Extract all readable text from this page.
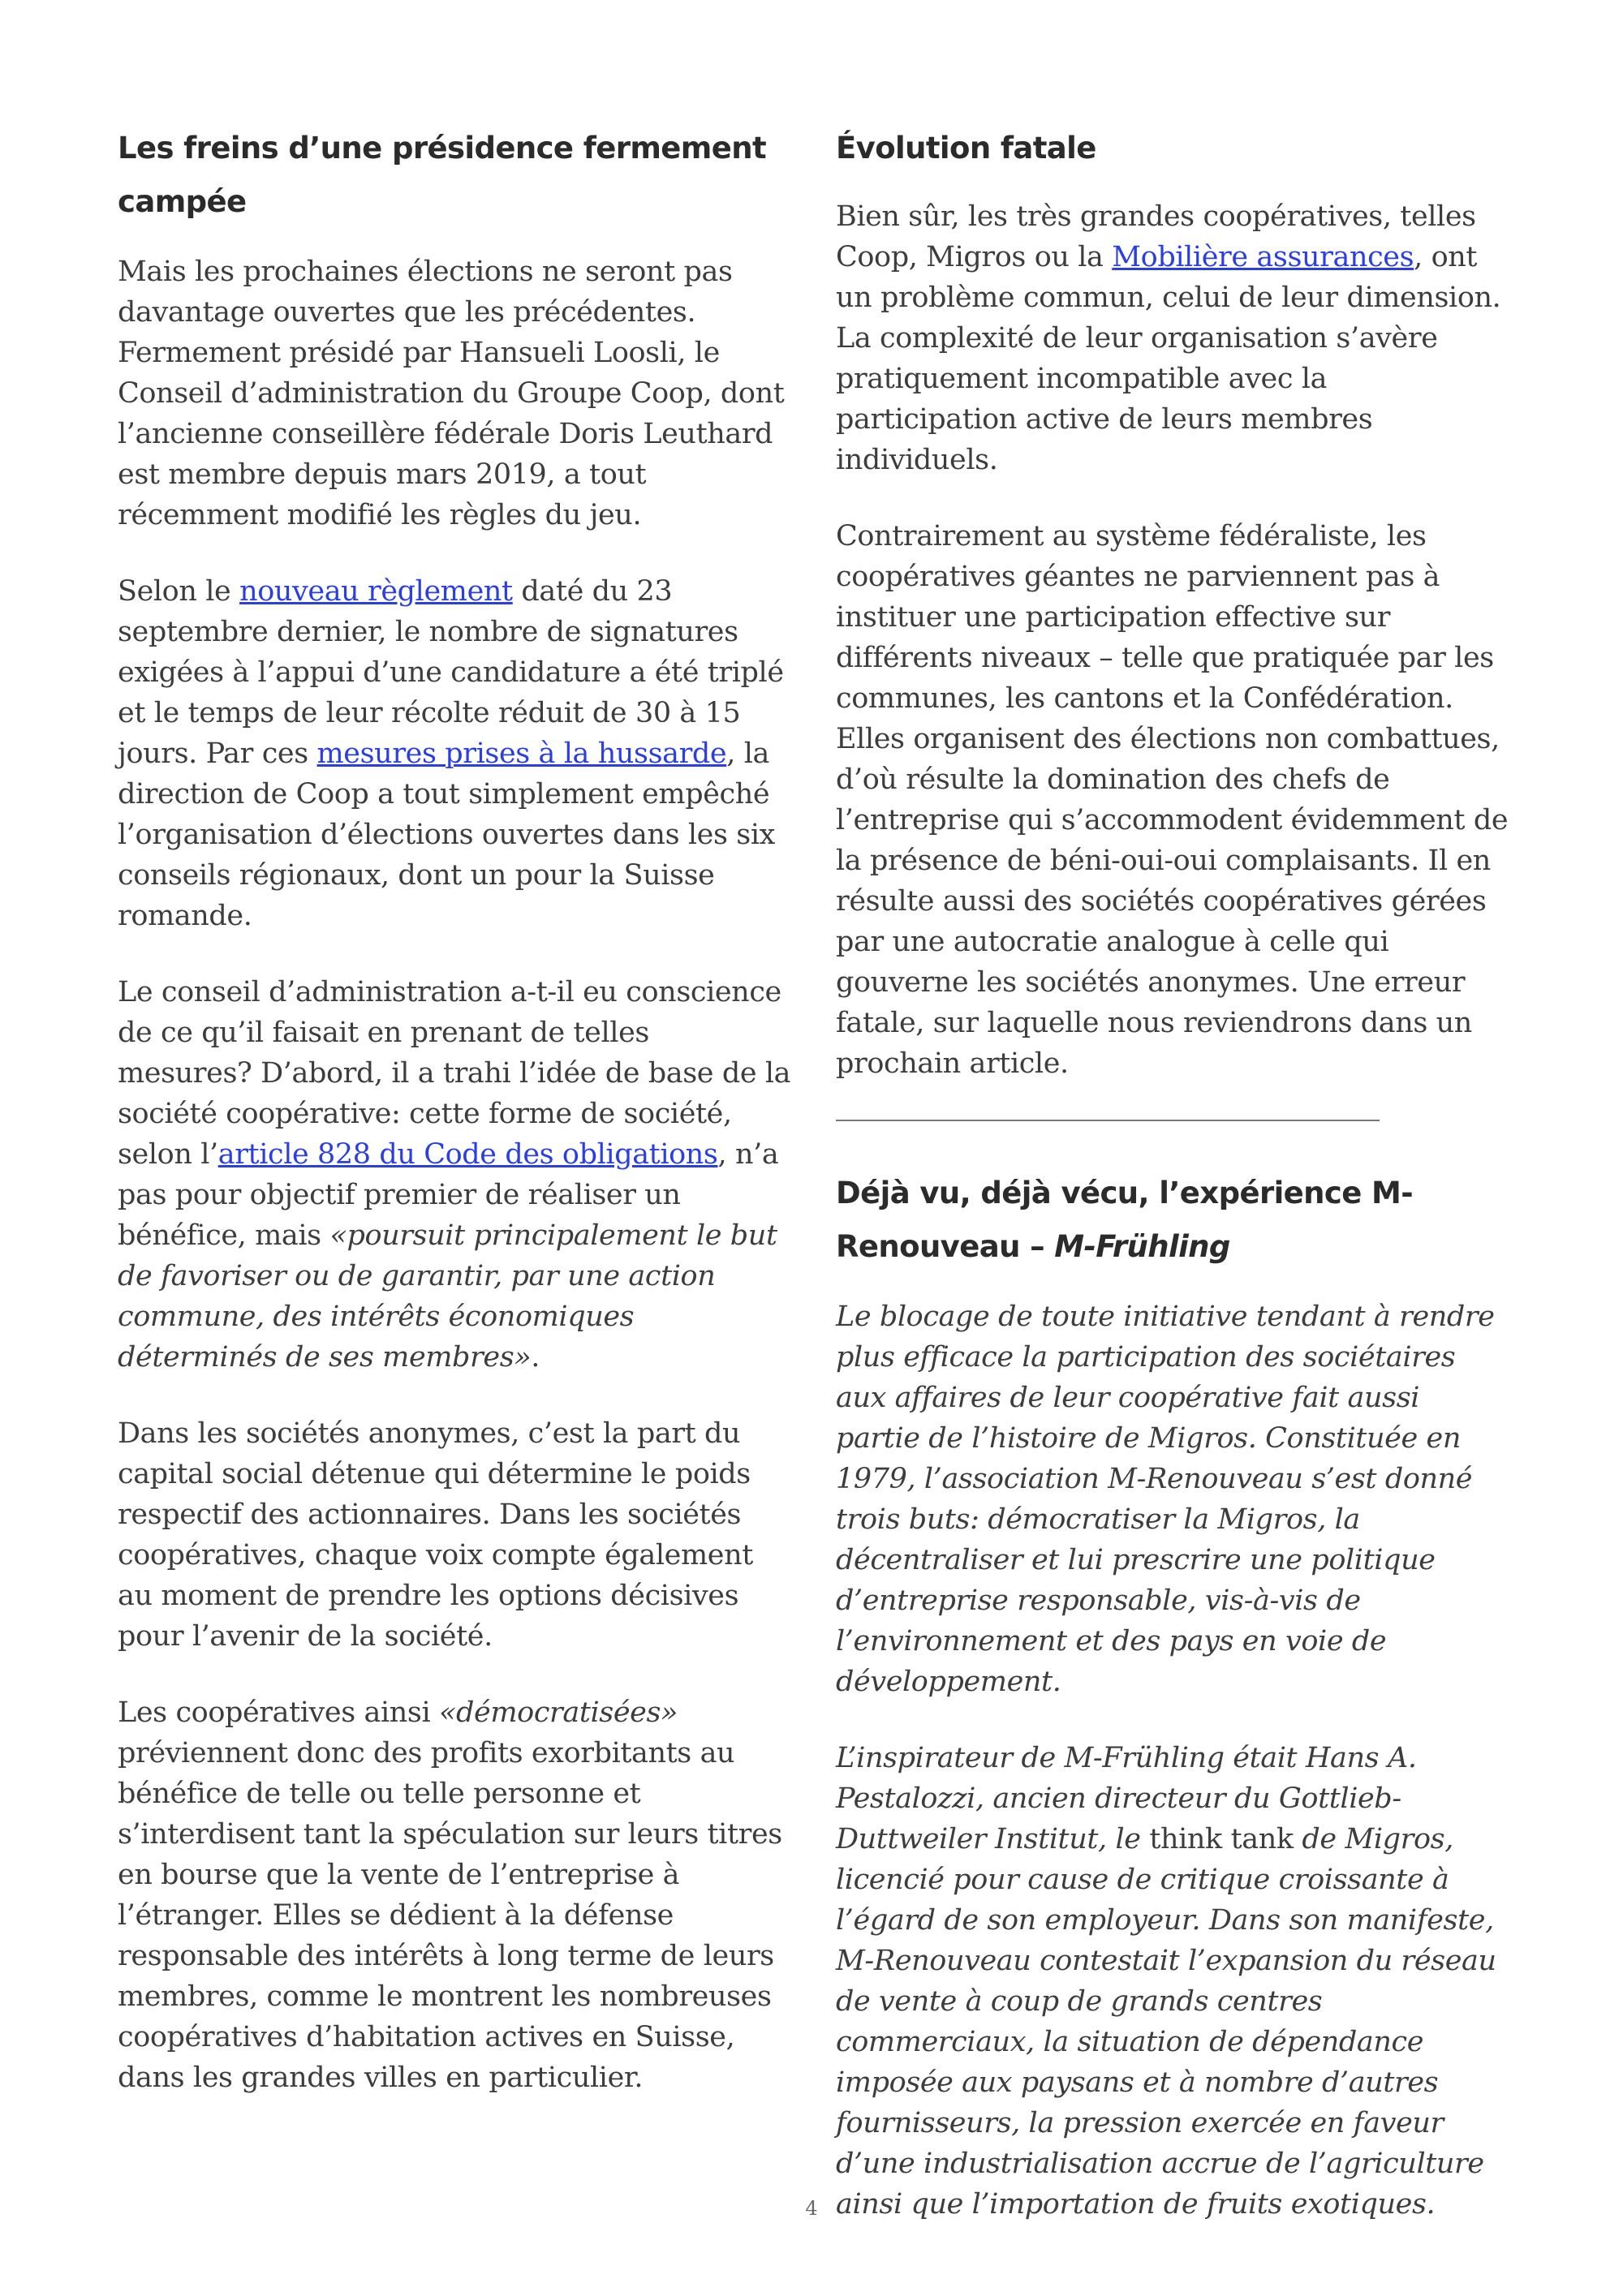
Les freins d’une présidence fermement campée

Mais les prochaines élections ne seront pas davantage ouvertes que les précédentes. Fermement présidé par Hansueli Loosli, le Conseil d’administration du Groupe Coop, dont l’ancienne conseillère fédérale Doris Leuthard est membre depuis mars 2019, a tout récemment modifié les règles du jeu.

Selon le nouveau règlement daté du 23 septembre dernier, le nombre de signatures exigées à l’appui d’une candidature a été triplé et le temps de leur récolte réduit de 30 à 15 jours. Par ces mesures prises à la hussarde, la direction de Coop a tout simplement empêché l’organisation d’élections ouvertes dans les six conseils régionaux, dont un pour la Suisse romande.

Le conseil d’administration a-t-il eu conscience de ce qu’il faisait en prenant de telles mesures? D’abord, il a trahi l’idée de base de la société coopérative: cette forme de société, selon l’article 828 du Code des obligations, n’a pas pour objectif premier de réaliser un bénéfice, mais «poursuit principalement le but de favoriser ou de garantir, par une action commune, des intérêts économiques déterminés de ses membres».

Dans les sociétés anonymes, c’est la part du capital social détenue qui détermine le poids respectif des actionnaires. Dans les sociétés coopératives, chaque voix compte également au moment de prendre les options décisives pour l’avenir de la société.

Les coopératives ainsi «démocratisées» préviennent donc des profits exorbitants au bénéfice de telle ou telle personne et s’interdisent tant la spéculation sur leurs titres en bourse que la vente de l’entreprise à l’étranger. Elles se dédient à la défense responsable des intérêts à long terme de leurs membres, comme le montrent les nombreuses coopératives d’habitation actives en Suisse, dans les grandes villes en particulier.

Évolution fatale

Bien sûr, les très grandes coopératives, telles Coop, Migros ou la Mobilière assurances, ont un problème commun, celui de leur dimension. La complexité de leur organisation s’avère pratiquement incompatible avec la participation active de leurs membres individuels.

Contrairement au système fédéraliste, les coopératives géantes ne parviennent pas à instituer une participation effective sur différents niveaux – telle que pratiquée par les communes, les cantons et la Confédération. Elles organisent des élections non combattues, d’où résulte la domination des chefs de l’entreprise qui s’accommodent évidemment de la présence de béni-oui-oui complaisants. Il en résulte aussi des sociétés coopératives gérées par une autocratie analogue à celle qui gouverne les sociétés anonymes. Une erreur fatale, sur laquelle nous reviendrons dans un prochain article.

Déjà vu, déjà vécu, l’expérience M-Renouveau – M-Frühling

Le blocage de toute initiative tendant à rendre plus efficace la participation des sociétaires aux affaires de leur coopérative fait aussi partie de l’histoire de Migros. Constituée en 1979, l’association M-Renouveau s’est donné trois buts: démocratiser la Migros, la décentraliser et lui prescrire une politique d’entreprise responsable, vis-à-vis de l’environnement et des pays en voie de développement.

L’inspirateur de M-Frühling était Hans A. Pestalozzi, ancien directeur du Gottlieb-Duttweiler Institut, le think tank de Migros, licencié pour cause de critique croissante à l’égard de son employeur. Dans son manifeste, M-Renouveau contestait l’expansion du réseau de vente à coup de grands centres commerciaux, la situation de dépendance imposée aux paysans et à nombre d’autres fournisseurs, la pression exercée en faveur d’une industrialisation accrue de l’agriculture ainsi que l’importation de fruits exotiques.

4
